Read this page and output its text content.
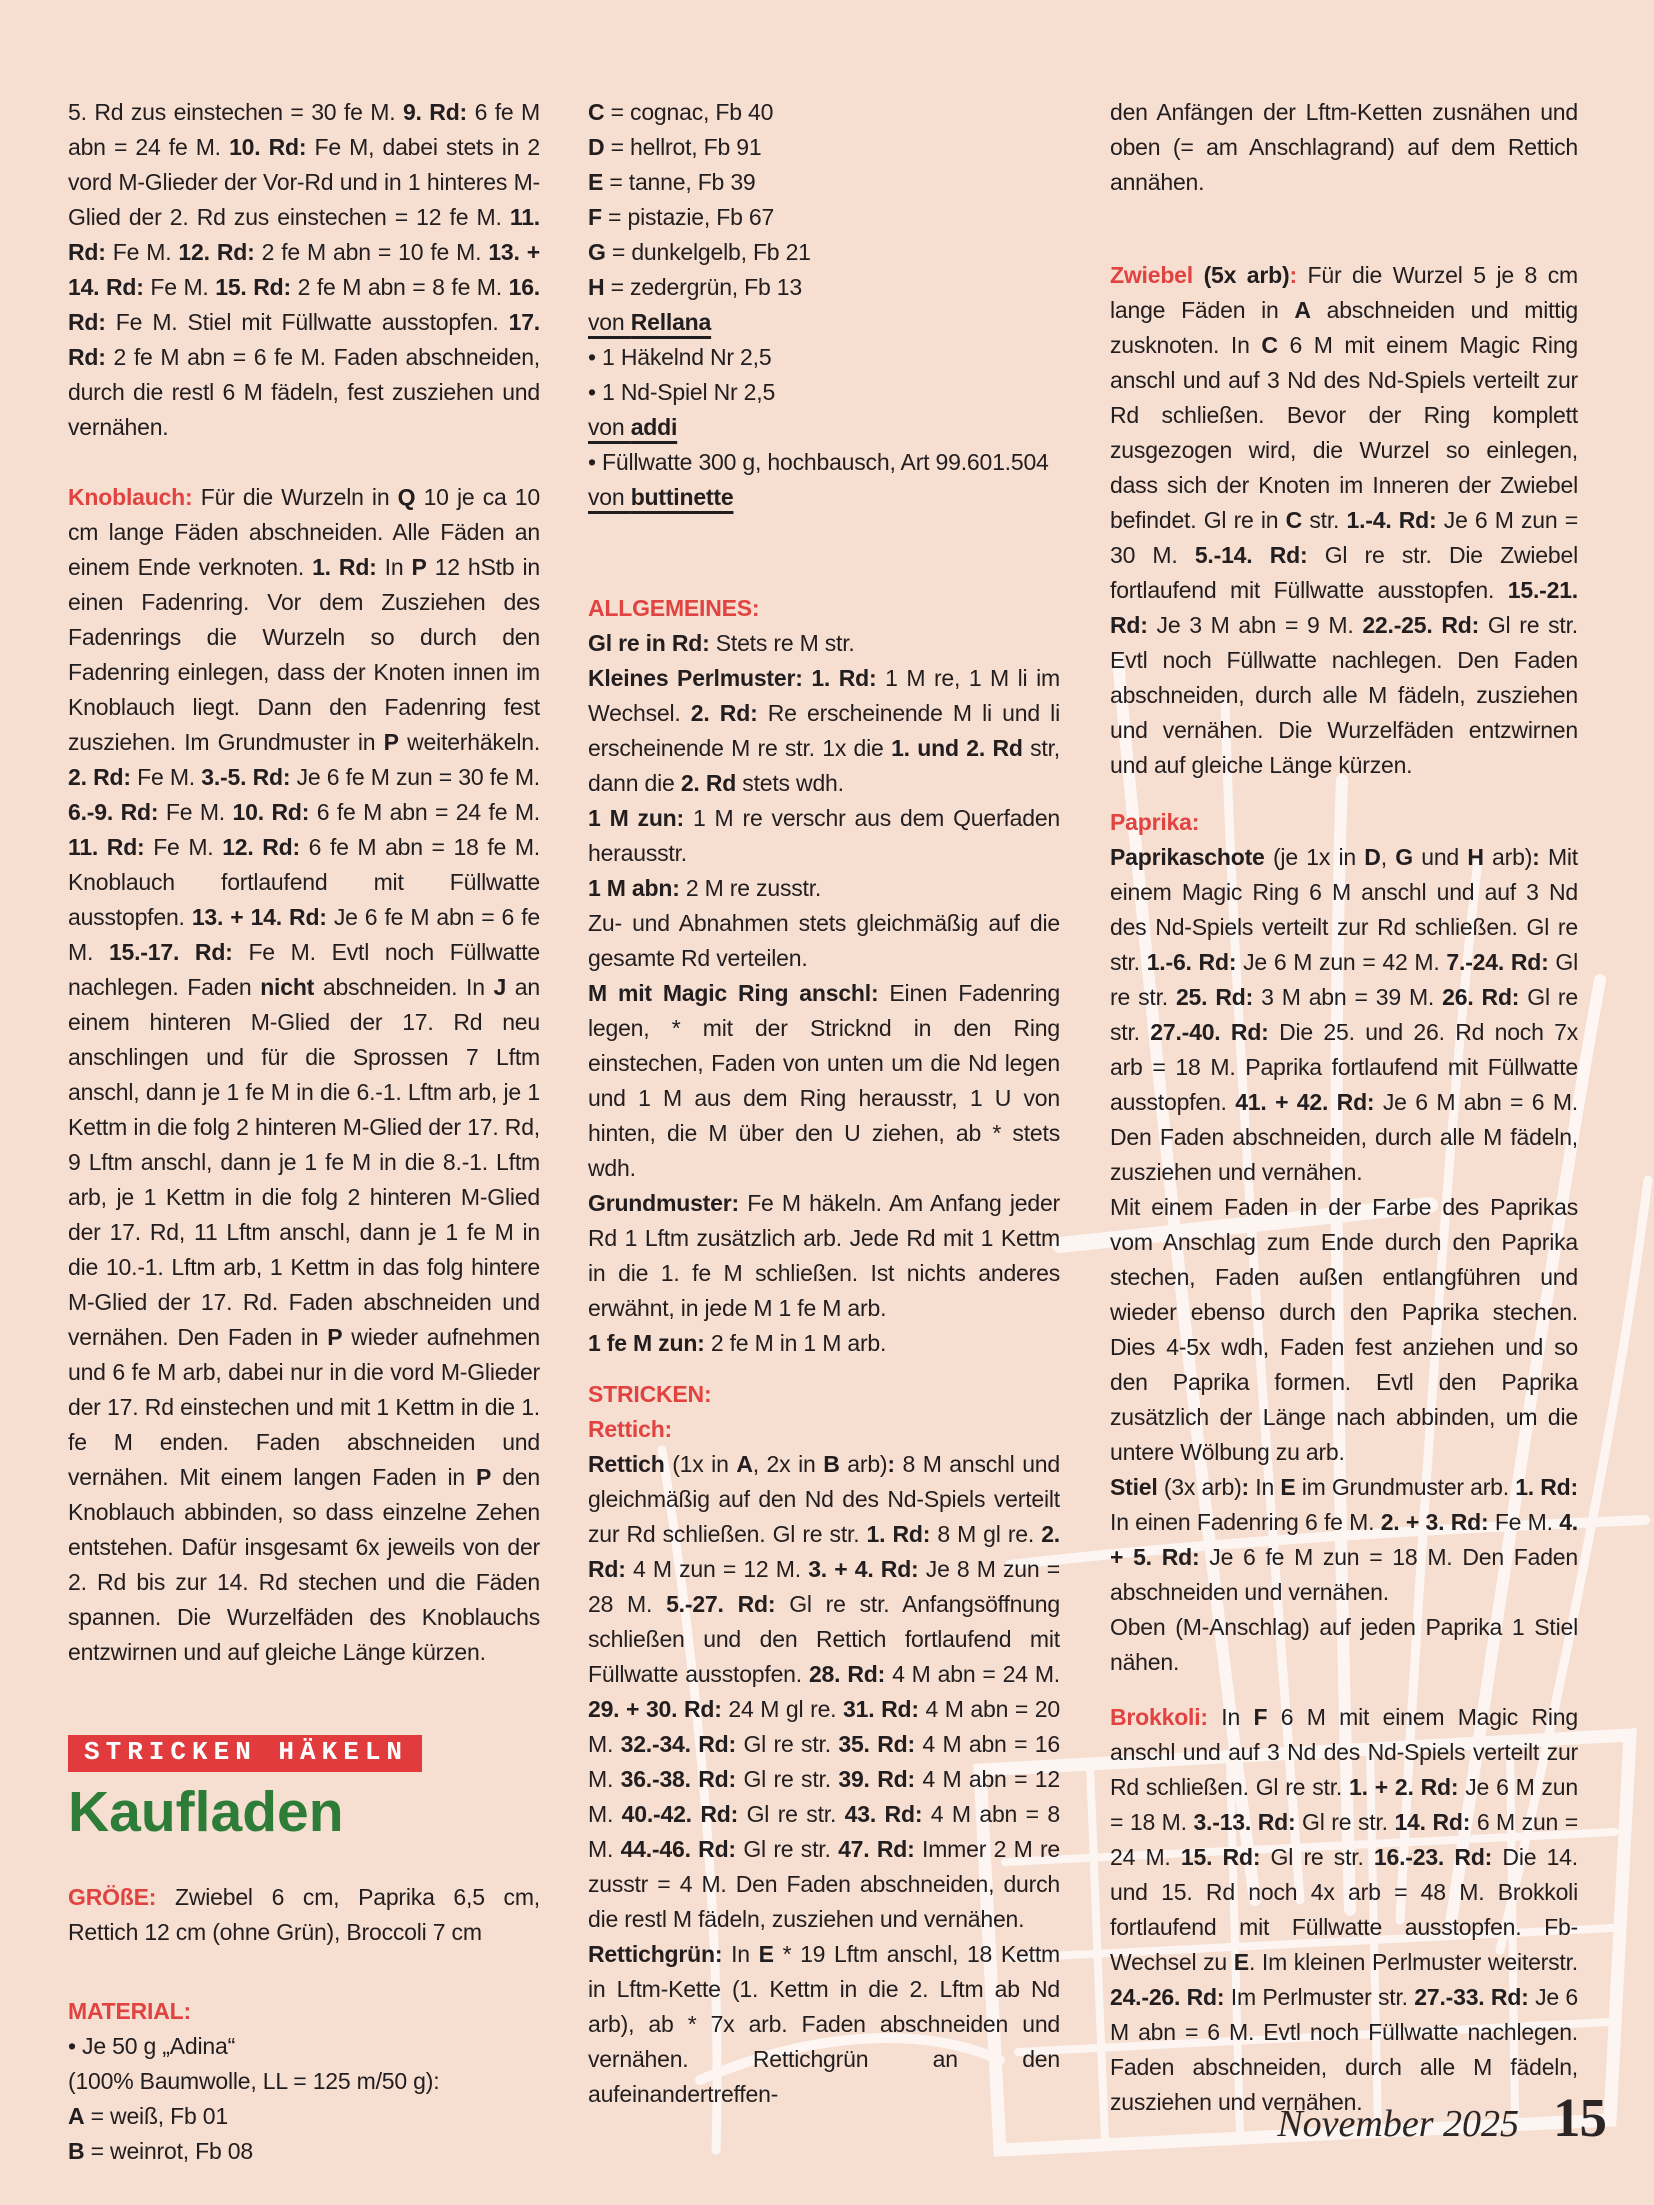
5. Rd zus einstechen = 30 fe M. 9. Rd: 6 fe M abn = 24 fe M. 10. Rd: Fe M, dabei stets in 2 vord M-Glieder der Vor-Rd und in 1 hinteres M-Glied der 2. Rd zus einstechen = 12 fe M. 11. Rd: Fe M. 12. Rd: 2 fe M abn = 10 fe M. 13. + 14. Rd: Fe M. 15. Rd: 2 fe M abn = 8 fe M. 16. Rd: Fe M. Stiel mit Füllwatte ausstopfen. 17. Rd: 2 fe M abn = 6 fe M. Faden abschneiden, durch die restl 6 M fädeln, fest zusziehen und vernähen.

Knoblauch: Für die Wurzeln in Q 10 je ca 10 cm lange Fäden abschneiden. Alle Fäden an einem Ende verknoten. 1. Rd: In P 12 hStb in einen Fadenring. Vor dem Zusziehen des Fadenrings die Wurzeln so durch den Fadenring einlegen, dass der Knoten innen im Knoblauch liegt. Dann den Fadenring fest zusziehen. Im Grundmuster in P weiterhäkeln. 2. Rd: Fe M. 3.-5. Rd: Je 6 fe M zun = 30 fe M. 6.-9. Rd: Fe M. 10. Rd: 6 fe M abn = 24 fe M. 11. Rd: Fe M. 12. Rd: 6 fe M abn = 18 fe M. Knoblauch fortlaufend mit Füllwatte ausstopfen. 13. + 14. Rd: Je 6 fe M abn = 6 fe M. 15.-17. Rd: Fe M. Evtl noch Füllwatte nachlegen. Faden nicht abschneiden. In J an einem hinteren M-Glied der 17. Rd neu anschlingen und für die Sprossen 7 Lftm anschl, dann je 1 fe M in die 6.-1. Lftm arb, je 1 Kettm in die folg 2 hinteren M-Glied der 17. Rd, 9 Lftm anschl, dann je 1 fe M in die 8.-1. Lftm arb, je 1 Kettm in die folg 2 hinteren M-Glied der 17. Rd, 11 Lftm anschl, dann je 1 fe M in die 10.-1. Lftm arb, 1 Kettm in das folg hintere M-Glied der 17. Rd. Faden abschneiden und vernähen. Den Faden in P wieder aufnehmen und 6 fe M arb, dabei nur in die vord M-Glieder der 17. Rd einstechen und mit 1 Kettm in die 1. fe M enden. Faden abschneiden und vernähen. Mit einem langen Faden in P den Knoblauch abbinden, so dass einzelne Zehen entstehen. Dafür insgesamt 6x jeweils von der 2. Rd bis zur 14. Rd stechen und die Fäden spannen. Die Wurzelfäden des Knoblauchs entzwirnen und auf gleiche Länge kürzen.

STRICKEN HÄKELN

Kaufladen

GRÖßE: Zwiebel 6 cm, Paprika 6,5 cm, Rettich 12 cm (ohne Grün), Broccoli 7 cm

MATERIAL:

• Je 50 g „Adina“

(100% Baumwolle, LL = 125 m/50 g):

A = weiß, Fb 01

B = weinrot, Fb 08

C = cognac, Fb 40

D = hellrot, Fb 91

E = tanne, Fb 39

F = pistazie, Fb 67

G = dunkelgelb, Fb 21

H = zedergrün, Fb 13

von Rellana

• 1 Häkelnd Nr 2,5

• 1 Nd-Spiel Nr 2,5

von addi

• Füllwatte 300 g, hochbausch, Art 99.601.504

von buttinette

ALLGEMEINES:

Gl re in Rd: Stets re M str.

Kleines Perlmuster: 1. Rd: 1 M re, 1 M li im Wechsel. 2. Rd: Re erscheinende M li und li erscheinende M re str. 1x die 1. und 2. Rd str, dann die 2. Rd stets wdh.

1 M zun: 1 M re verschr aus dem Querfaden herausstr.

1 M abn: 2 M re zusstr.

Zu- und Abnahmen stets gleichmäßig auf die gesamte Rd verteilen.

M mit Magic Ring anschl: Einen Fadenring legen, * mit der Stricknd in den Ring einstechen, Faden von unten um die Nd legen und 1 M aus dem Ring herausstr, 1 U von hinten, die M über den U ziehen, ab * stets wdh.

Grundmuster: Fe M häkeln. Am Anfang jeder Rd 1 Lftm zusätzlich arb. Jede Rd mit 1 Kettm in die 1. fe M schließen. Ist nichts anderes erwähnt, in jede M 1 fe M arb.

1 fe M zun: 2 fe M in 1 M arb.

STRICKEN:

Rettich:

Rettich (1x in A, 2x in B arb): 8 M anschl und gleichmäßig auf den Nd des Nd-Spiels verteilt zur Rd schließen. Gl re str. 1. Rd: 8 M gl re. 2. Rd: 4 M zun = 12 M. 3. + 4. Rd: Je 8 M zun = 28 M. 5.-27. Rd: Gl re str. Anfangsöffnung schließen und den Rettich fortlaufend mit Füllwatte ausstopfen. 28. Rd: 4 M abn = 24 M. 29. + 30. Rd: 24 M gl re. 31. Rd: 4 M abn = 20 M. 32.-34. Rd: Gl re str. 35. Rd: 4 M abn = 16 M. 36.-38. Rd: Gl re str. 39. Rd: 4 M abn = 12 M. 40.-42. Rd: Gl re str. 43. Rd: 4 M abn = 8 M. 44.-46. Rd: Gl re str. 47. Rd: Immer 2 M re zusstr = 4 M. Den Faden abschneiden, durch die restl M fädeln, zusziehen und vernähen.

Rettichgrün: In E * 19 Lftm anschl, 18 Kettm in Lftm-Kette (1. Kettm in die 2. Lftm ab Nd arb), ab * 7x arb. Faden abschneiden und vernähen. Rettichgrün an den aufeinandertreffen-

den Anfängen der Lftm-Ketten zusnähen und oben (= am Anschlagrand) auf dem Rettich annähen.

Zwiebel (5x arb): Für die Wurzel 5 je 8 cm lange Fäden in A abschneiden und mittig zusknoten. In C 6 M mit einem Magic Ring anschl und auf 3 Nd des Nd-Spiels verteilt zur Rd schließen. Bevor der Ring komplett zusgezogen wird, die Wurzel so einlegen, dass sich der Knoten im Inneren der Zwiebel befindet. Gl re in C str. 1.-4. Rd: Je 6 M zun = 30 M. 5.-14. Rd: Gl re str. Die Zwiebel fortlaufend mit Füllwatte ausstopfen. 15.-21. Rd: Je 3 M abn = 9 M. 22.-25. Rd: Gl re str. Evtl noch Füllwatte nachlegen. Den Faden abschneiden, durch alle M fädeln, zusziehen und vernähen. Die Wurzelfäden entzwirnen und auf gleiche Länge kürzen.

Paprika:

Paprikaschote (je 1x in D, G und H arb): Mit einem Magic Ring 6 M anschl und auf 3 Nd des Nd-Spiels verteilt zur Rd schließen. Gl re str. 1.-6. Rd: Je 6 M zun = 42 M. 7.-24. Rd: Gl re str. 25. Rd: 3 M abn = 39 M. 26. Rd: Gl re str. 27.-40. Rd: Die 25. und 26. Rd noch 7x arb = 18 M. Paprika fortlaufend mit Füllwatte ausstopfen. 41. + 42. Rd: Je 6 M abn = 6 M. Den Faden abschneiden, durch alle M fädeln, zusziehen und vernähen.

Mit einem Faden in der Farbe des Paprikas vom Anschlag zum Ende durch den Paprika stechen, Faden außen entlangführen und wieder ebenso durch den Paprika stechen. Dies 4-5x wdh, Faden fest anziehen und so den Paprika formen. Evtl den Paprika zusätzlich der Länge nach abbinden, um die untere Wölbung zu arb.

Stiel (3x arb): In E im Grundmuster arb. 1. Rd: In einen Fadenring 6 fe M. 2. + 3. Rd: Fe M. 4. + 5. Rd: Je 6 fe M zun = 18 M. Den Faden abschneiden und vernähen.

Oben (M-Anschlag) auf jeden Paprika 1 Stiel nähen.

Brokkoli: In F 6 M mit einem Magic Ring anschl und auf 3 Nd des Nd-Spiels verteilt zur Rd schließen. Gl re str. 1. + 2. Rd: Je 6 M zun = 18 M. 3.-13. Rd: Gl re str. 14. Rd: 6 M zun = 24 M. 15. Rd: Gl re str. 16.-23. Rd: Die 14. und 15. Rd noch 4x arb = 48 M. Brokkoli fortlaufend mit Füllwatte ausstopfen. Fb-Wechsel zu E. Im kleinen Perlmuster weiterstr. 24.-26. Rd: Im Perlmuster str. 27.-33. Rd: Je 6 M abn = 6 M. Evtl noch Füllwatte nachlegen. Faden abschneiden, durch alle M fädeln, zusziehen und vernähen.

November 2025 15
